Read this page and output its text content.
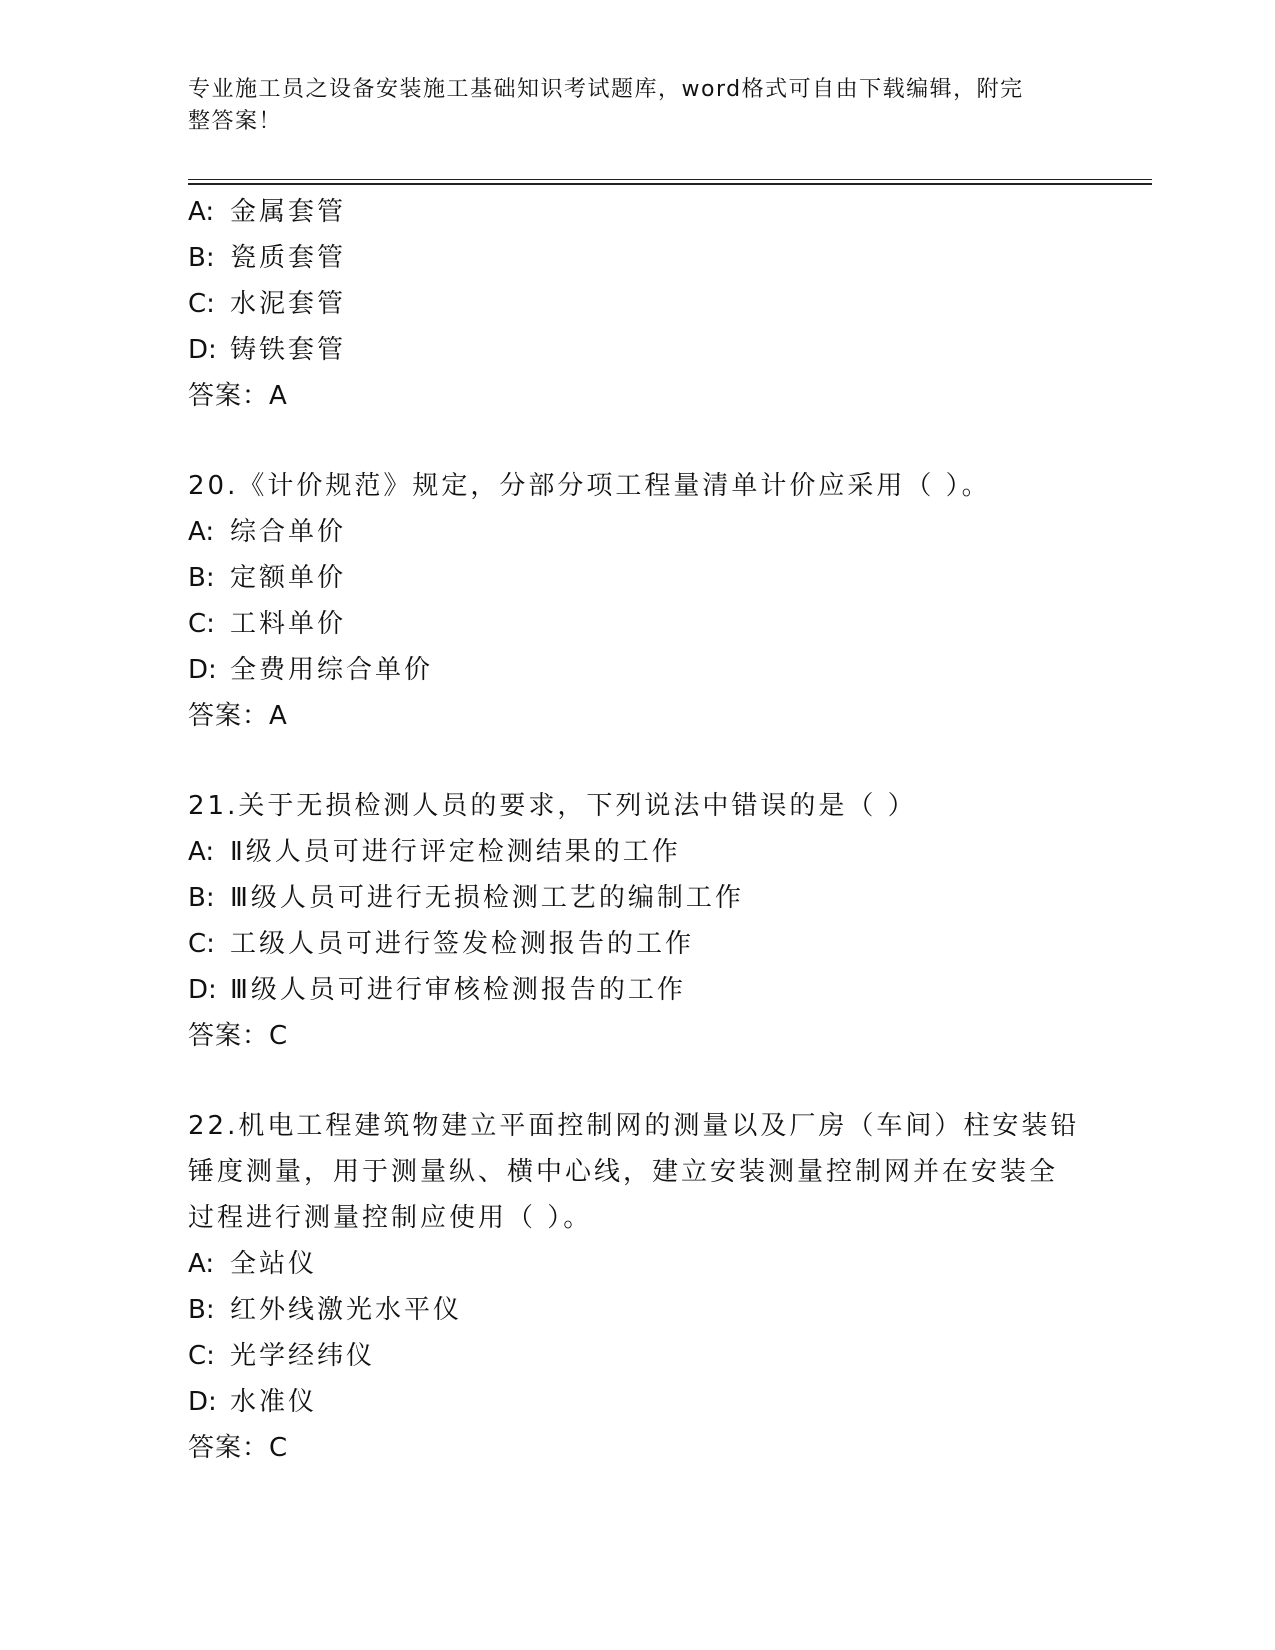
专业施工员之设备安装施工基础知识考试题库，word格式可自由下载编辑，附完
整答案！
A: 金属套管
B: 瓷质套管
C: 水泥套管
D: 铸铁套管
答案：A
20.《计价规范》规定，分部分项工程量清单计价应采用（ ）。
A: 综合单价
B: 定额单价
C: 工料单价
D: 全费用综合单价
答案：A
21.关于无损检测人员的要求，下列说法中错误的是（ ）
A: Ⅱ级人员可进行评定检测结果的工作
B: Ⅲ级人员可进行无损检测工艺的编制工作
C: 工级人员可进行签发检测报告的工作
D: Ⅲ级人员可进行审核检测报告的工作
答案：C
22.机电工程建筑物建立平面控制网的测量以及厂房（车间）柱安装铅
锤度测量，用于测量纵、横中心线，建立安装测量控制网并在安装全
过程进行测量控制应使用（ ）。
A: 全站仪
B: 红外线激光水平仪
C: 光学经纬仪
D: 水准仪
答案：C
